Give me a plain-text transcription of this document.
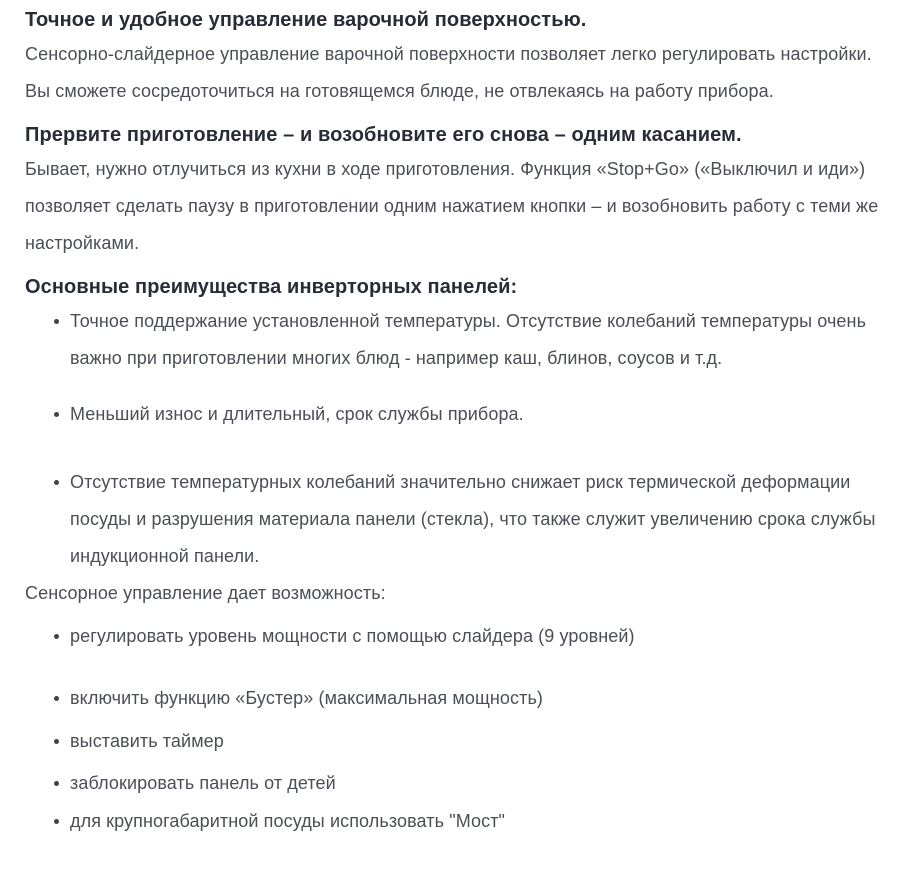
Точное и удобное управление варочной поверхностью.

Сенсорно-слайдерное управление варочной поверхности позволяет легко регулировать настройки. Вы сможете сосредоточиться на готовящемся блюде, не отвлекаясь на работу прибора.

Прервите приготовление – и возобновите его снова – одним касанием.

Бывает, нужно отлучиться из кухни в ходе приготовления. Функция «Stop+Go» («Выключил и иди») позволяет сделать паузу в приготовлении одним нажатием кнопки – и возобновить работу с теми же настройками.

Основные преимущества инверторных панелей:
Точное поддержание установленной температуры. Отсутствие колебаний температуры очень важно при приготовлении многих блюд - например каш, блинов, соусов и т.д.
Меньший износ и длительный, срок службы прибора.
Отсутствие температурных колебаний значительно снижает риск термической деформации посуды и разрушения материала панели (стекла), что также служит увеличению срока службы индукционной панели.

Сенсорное управление дает возможность:

регулировать уровень мощности с помощью слайдера (9 уровней)
включить функцию «Бустер» (максимальная мощность)
выставить таймер
заблокировать панель от детей
для крупногабаритной посуды использовать "Мост"
